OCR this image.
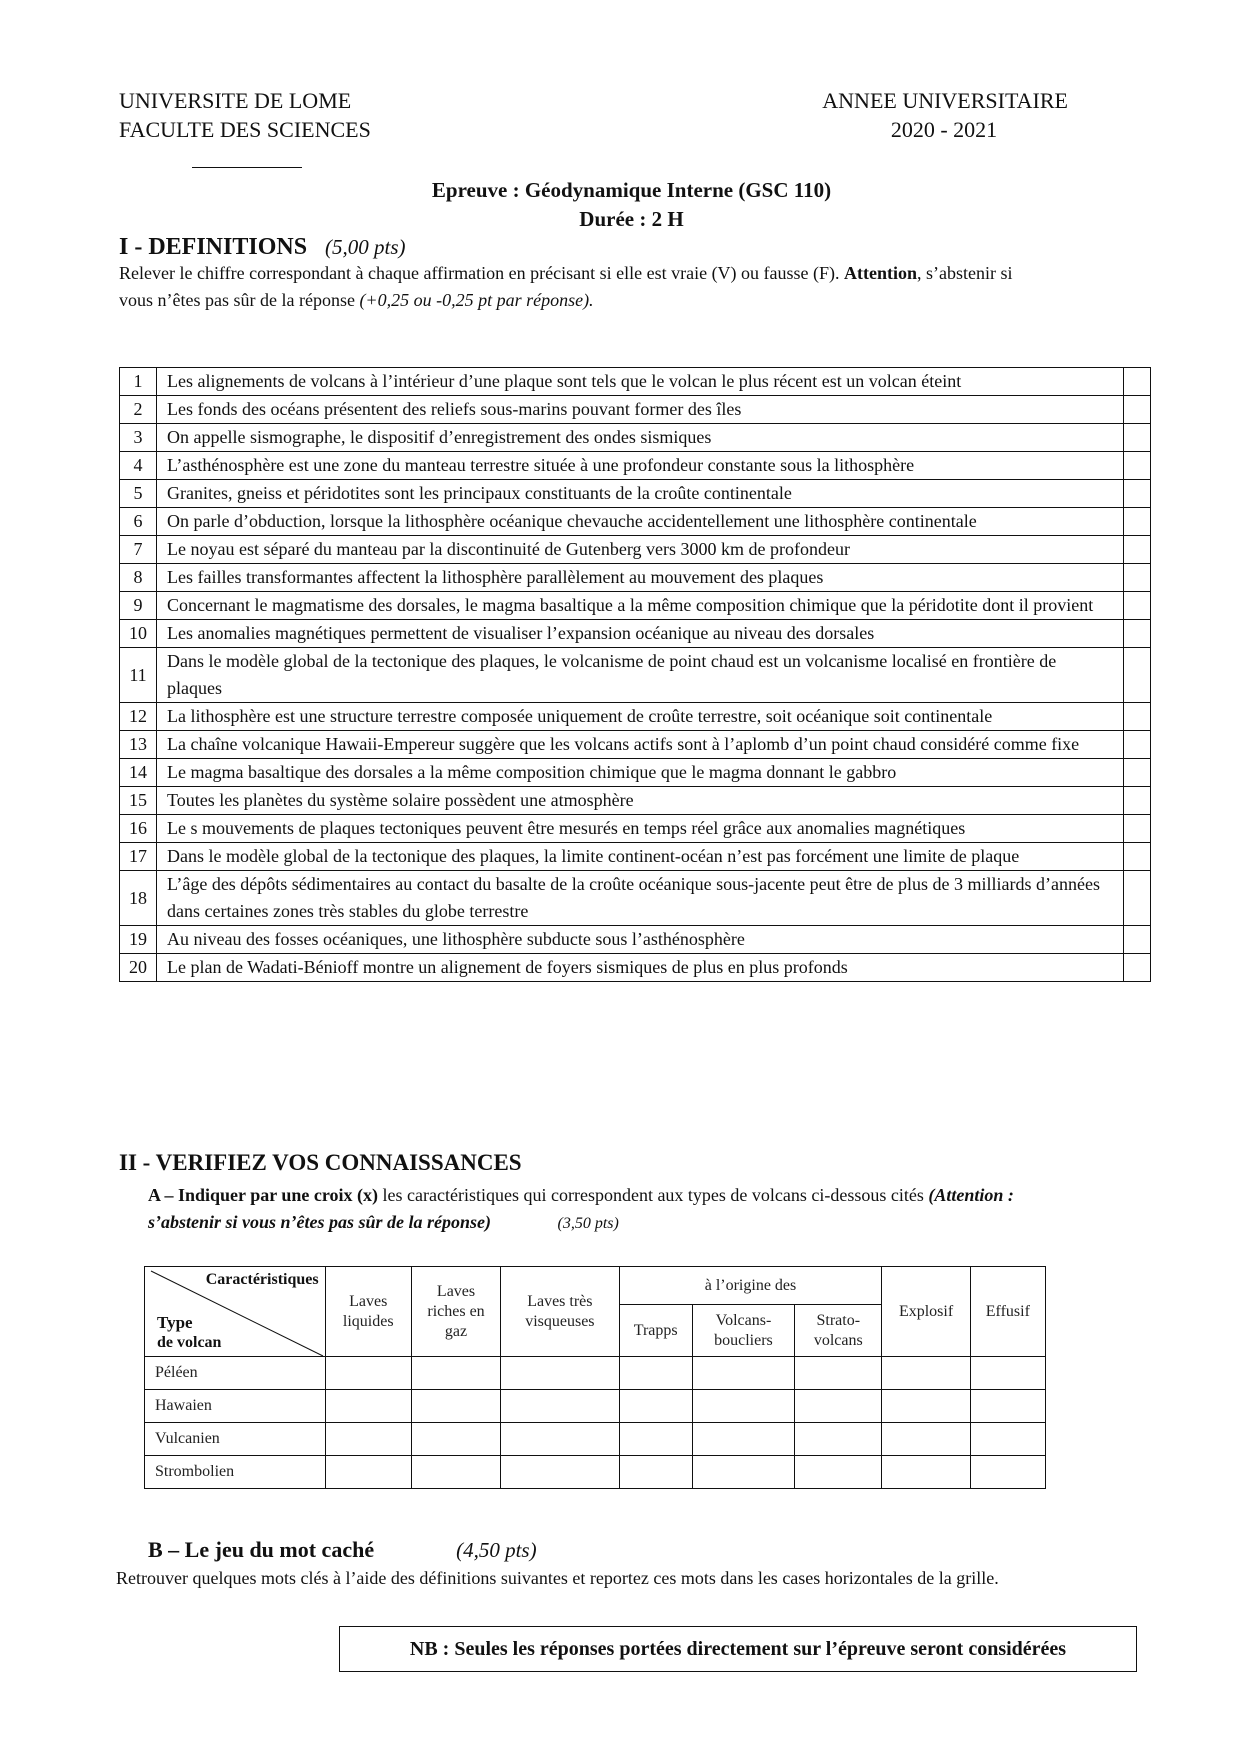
UNIVERSITE DE LOME
FACULTE DES SCIENCES
ANNEE UNIVERSITAIRE
2020 - 2021
Epreuve : Géodynamique Interne (GSC 110)
Durée : 2 H
I - DEFINITIONS (5,00 pts)
Relever le chiffre correspondant à chaque affirmation en précisant si elle est vraie (V) ou fausse (F). Attention, s’abstenir si
vous n’êtes pas sûr de la réponse (+0,25 ou -0,25 pt par réponse).
1	Les alignements de volcans à l’intérieur d’une plaque sont tels que le volcan le plus récent est un volcan éteint	
2	Les fonds des océans présentent des reliefs sous-marins pouvant former des îles	
3	On appelle sismographe, le dispositif d’enregistrement des ondes sismiques	
4	L’asthénosphère est une zone du manteau terrestre située à une profondeur constante sous la lithosphère	
5	Granites, gneiss et péridotites sont les principaux constituants de la croûte continentale	
6	On parle d’obduction, lorsque la lithosphère océanique chevauche accidentellement une lithosphère continentale	
7	Le noyau est séparé du manteau par la discontinuité de Gutenberg vers 3000 km de profondeur	
8	Les failles transformantes affectent la lithosphère parallèlement au mouvement des plaques	
9	Concernant le magmatisme des dorsales, le magma basaltique a la même composition chimique que la péridotite dont il provient	
10	Les anomalies magnétiques permettent de visualiser l’expansion océanique au niveau des dorsales	
11	Dans le modèle global de la tectonique des plaques, le volcanisme de point chaud est un volcanisme localisé en frontière de plaques	
12	La lithosphère est une structure terrestre composée uniquement de croûte terrestre, soit océanique soit continentale	
13	La chaîne volcanique Hawaii-Empereur suggère que les volcans actifs sont à l’aplomb d’un point chaud considéré comme fixe	
14	Le magma basaltique des dorsales a la même composition chimique que le magma donnant le gabbro	
15	Toutes les planètes du système solaire possèdent une atmosphère	
16	Le s mouvements de plaques tectoniques peuvent être mesurés en temps réel grâce aux anomalies magnétiques	
17	Dans le modèle global de la tectonique des plaques, la limite continent-océan n’est pas forcément une limite de plaque	
18	L’âge des dépôts sédimentaires au contact du basalte de la croûte océanique sous-jacente peut être de plus de 3 milliards d’années dans certaines zones très stables du globe terrestre	
19	Au niveau des fosses océaniques, une lithosphère subducte sous l’asthénosphère	
20	Le plan de Wadati-Bénioff montre un alignement de foyers sismiques de plus en plus profonds	
II - VERIFIEZ VOS CONNAISSANCES
A – Indiquer par une croix (x) les caractéristiques qui correspondent aux types de volcans ci-dessous cités (Attention :
s’abstenir si vous n’êtes pas sûr de la réponse)	(3,50 pts)
Caractéristiques
Type
de volcan	Laves liquides	Laves riches en gaz	Laves très visqueuses	à l’origine des			Explosif	Effusif
				Trapps	Volcans-boucliers	Strato-volcans		

Péléen								
Hawaien								
Vulcanien								
Strombolien								
B – Le jeu du mot caché	(4,50 pts)
Retrouver quelques mots clés à l’aide des définitions suivantes et reportez ces mots dans les cases horizontales de la grille.
NB : Seules les réponses portées directement sur l’épreuve seront considérées
